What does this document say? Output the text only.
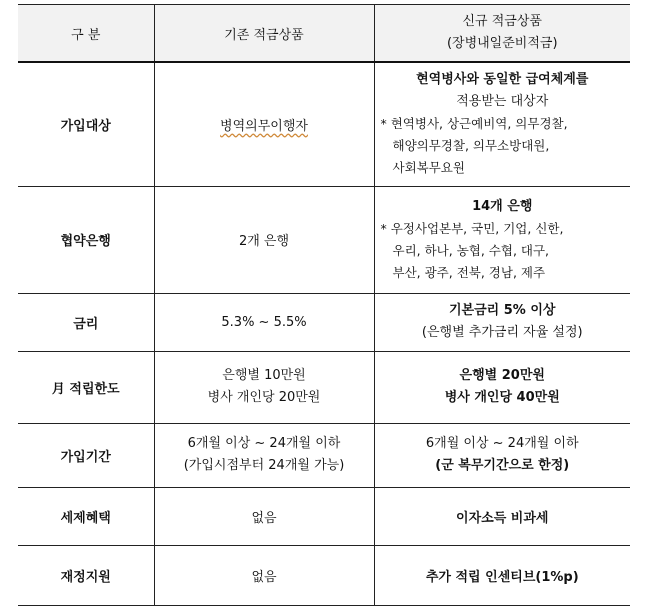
구 분	기존 적금상품	신규 적금상품
(장병내일준비적금)

가입대상	병역의무이행자	현역병사와 동일한 급여체계를
적용받는 대상자
* 현역병사, 상근예비역, 의무경찰,
해양의무경찰, 의무소방대원,
사회복무요원

협약은행	2개 은행	14개 은행
* 우정사업본부, 국민, 기업, 신한,
우리, 하나, 농협, 수협, 대구,
부산, 광주, 전북, 경남, 제주

금리	5.3% ~ 5.5%	기본금리 5% 이상
(은행별 추가금리 자율 설정)

月 적립한도	은행별 10만원
병사 개인당 20만원	은행별 20만원
병사 개인당 40만원

가입기간	6개월 이상 ~ 24개월 이하
(가입시점부터 24개월 가능)	6개월 이상 ~ 24개월 이하
(군 복무기간으로 한정)

세제혜택	없음	이자소득 비과세
재정지원	없음	추가 적립 인센티브(1%p)
